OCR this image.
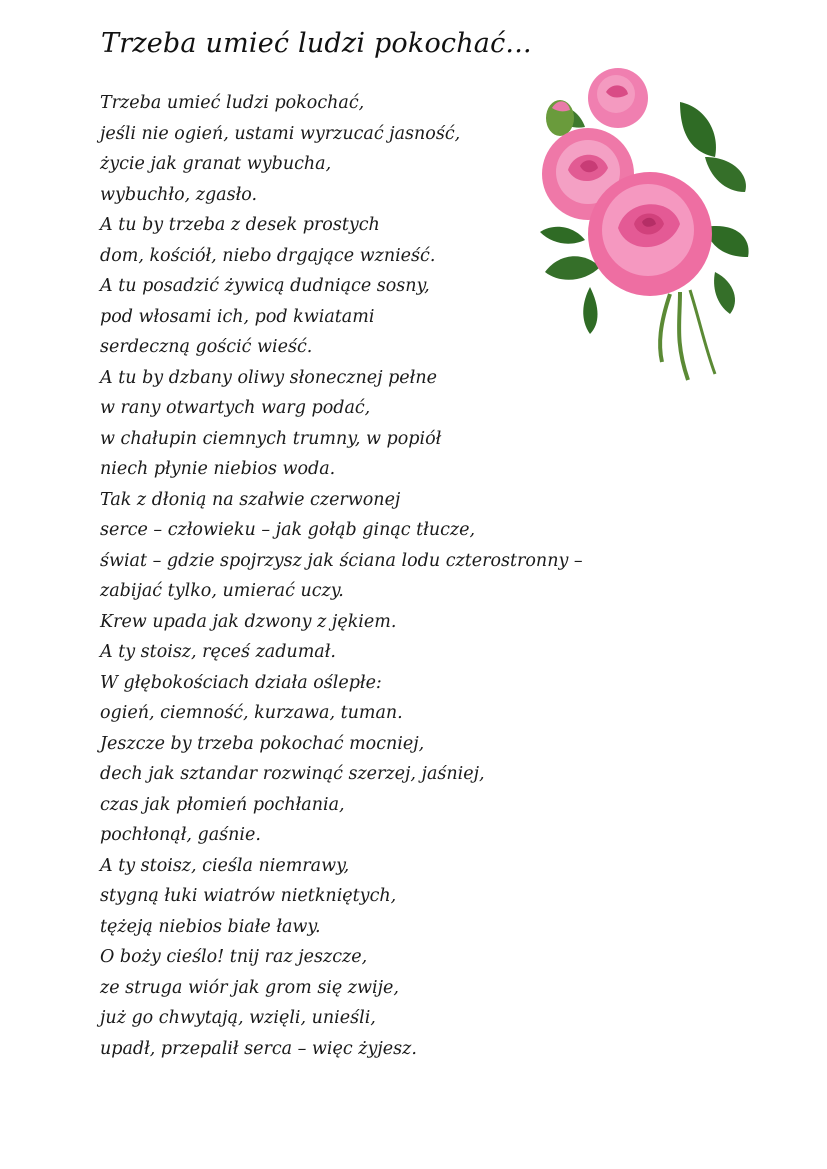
Trzeba umieć ludzi pokochać...
Trzeba umieć ludzi pokochać,
jeśli nie ogień, ustami wyrzucać jasność,
życie jak granat wybucha,
wybuchło, zgasło.
A tu by trzeba z desek prostych
dom, kościół, niebo drgające wznieść.
A tu posadzić żywicą dudniące sosny,
pod włosami ich, pod kwiatami
serdeczną gościć wieść.
A tu by dzbany oliwy słonecznej pełne
w rany otwartych warg podać,
w chałupin ciemnych trumny, w popiół
niech płynie niebios woda.
Tak z dłonią na szałwie czerwonej
serce – człowieku – jak gołąb ginąc tłucze,
świat – gdzie spojrzysz jak ściana lodu czterostronny –
zabijać tylko, umierać uczy.
Krew upada jak dzwony z jękiem.
A ty stoisz, ręceś zadumał.
W głębokościach działa oślepłe:
ogień, ciemność, kurzawa, tuman.
Jeszcze by trzeba pokochać mocniej,
dech jak sztandar rozwinąć szerzej, jaśniej,
czas jak płomień pochłania,
pochłonął, gaśnie.
A ty stoisz, cieśla niemrawy,
stygną łuki wiatrów nietkniętych,
tężeją niebios białe ławy.
O boży cieślo! tnij raz jeszcze,
ze struga wiór jak grom się zwije,
już go chwytają, wzięli, unieśli,
upadł, przepalił serca – więc żyjesz.
